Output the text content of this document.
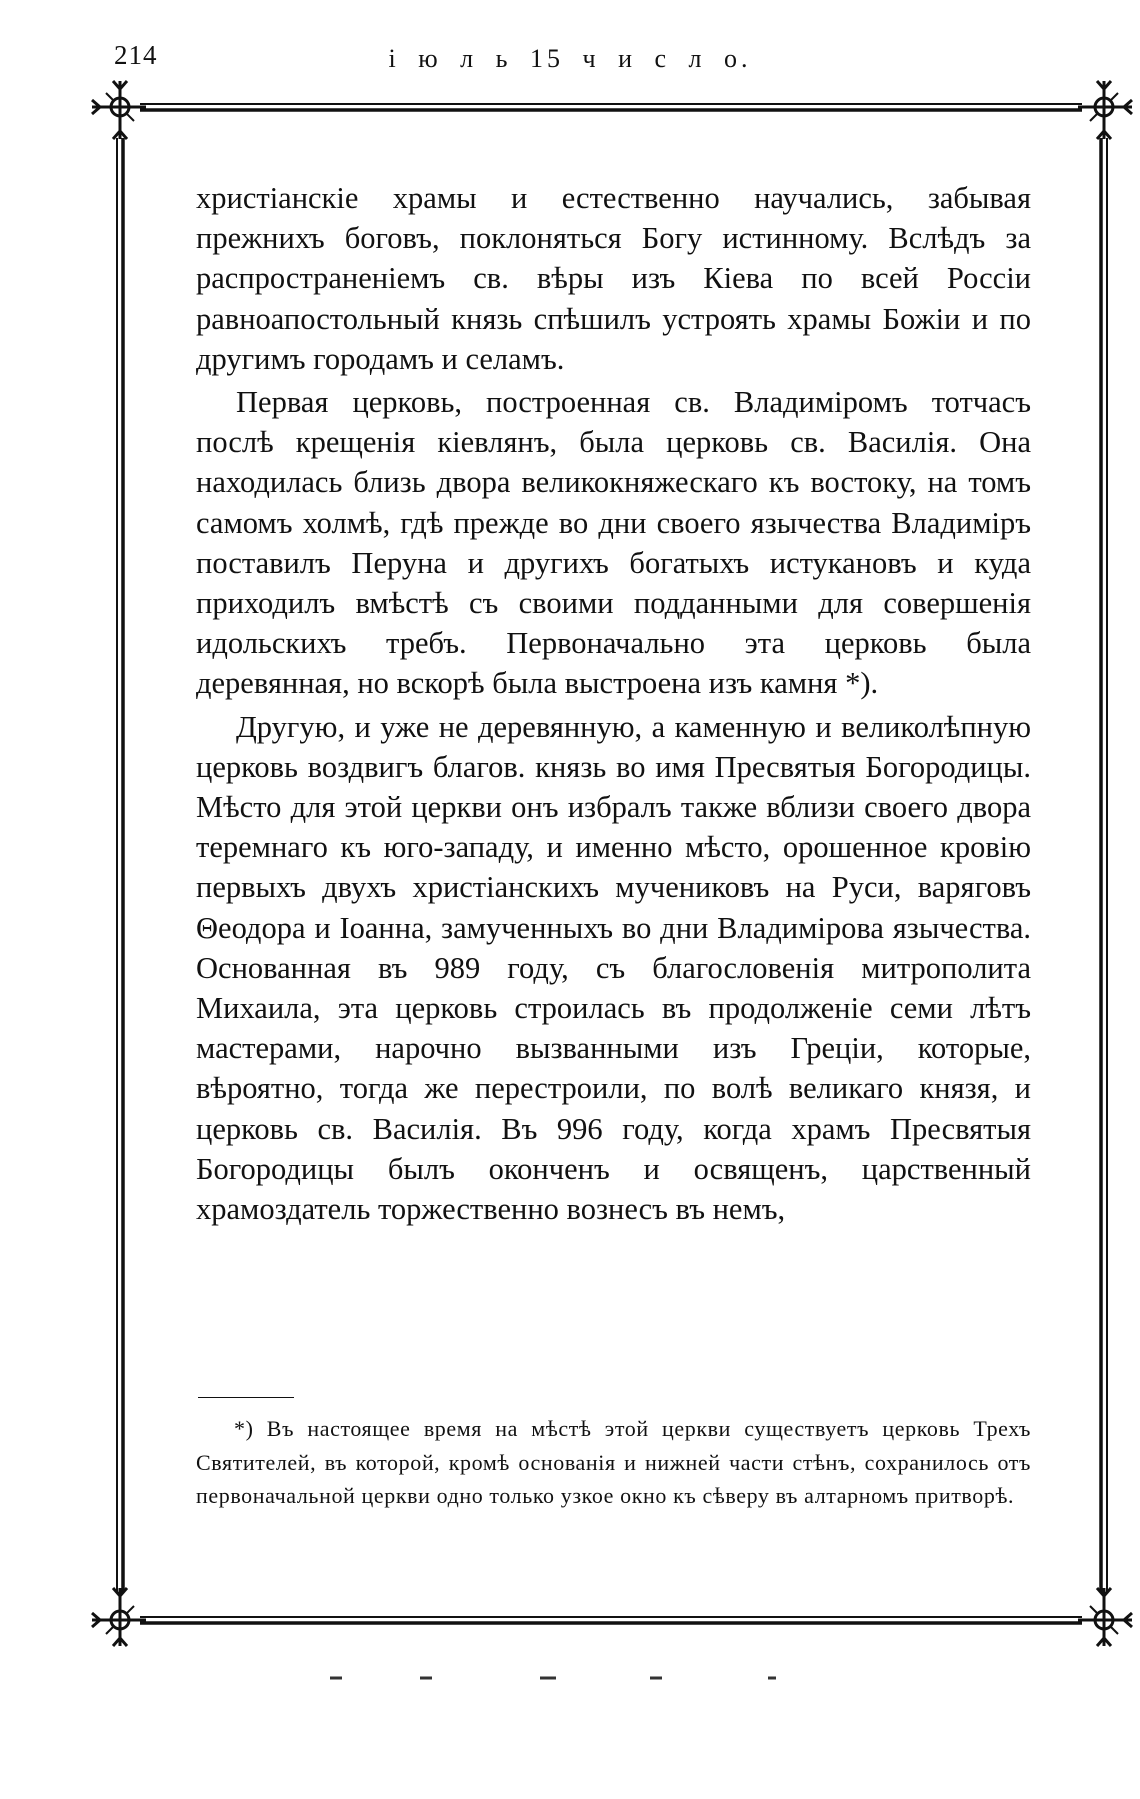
214	і ю л ь 15 ч и с л о.

христіанскіе храмы и естественно научались, забывая прежнихъ боговъ, поклоняться Богу истинному. Вслѣдъ за распространеніемъ св. вѣры изъ Кіева по всей Россіи равноапостольный князь спѣшилъ устроять храмы Божіи и по другимъ городамъ и селамъ.

Первая церковь, построенная св. Владиміромъ тотчасъ послѣ крещенія кіевлянъ, была церковь св. Василія. Она находилась близь двора великокняжескаго къ востоку, на томъ самомъ холмѣ, гдѣ прежде во дни своего язычества Владиміръ поставилъ Перуна и другихъ богатыхъ истукановъ и куда приходилъ вмѣстѣ съ своими подданными для совершенія идольскихъ требъ. Первоначально эта церковь была деревянная, но вскорѣ была выстроена изъ камня *).

Другую, и уже не деревянную, а каменную и великолѣпную церковь воздвигъ благов. князь во имя Пресвятыя Богородицы. Мѣсто для этой церкви онъ избралъ также вблизи своего двора теремнаго къ юго-западу, и именно мѣсто, орошенное кровію первыхъ двухъ христіанскихъ мучениковъ на Руси, варяговъ Θеодора и Іоанна, замученныхъ во дни Владимірова язычества. Основанная въ 989 году, съ благословенія митрополита Михаила, эта церковь строилась въ продолженіе семи лѣтъ мастерами, нарочно вызванными изъ Греціи, которые, вѣроятно, тогда же перестроили, по волѣ великаго князя, и церковь св. Василія. Въ 996 году, когда храмъ Пресвятыя Богородицы былъ оконченъ и освященъ, царственный храмоздатель торжественно вознесъ въ немъ,

*) Въ настоящее время на мѣстѣ этой церкви существуетъ церковь Трехъ Святителей, въ которой, кромѣ основанія и нижней части стѣнъ, сохранилось отъ первоначальной церкви одно только узкое окно къ сѣверу въ алтарномъ притворѣ.
